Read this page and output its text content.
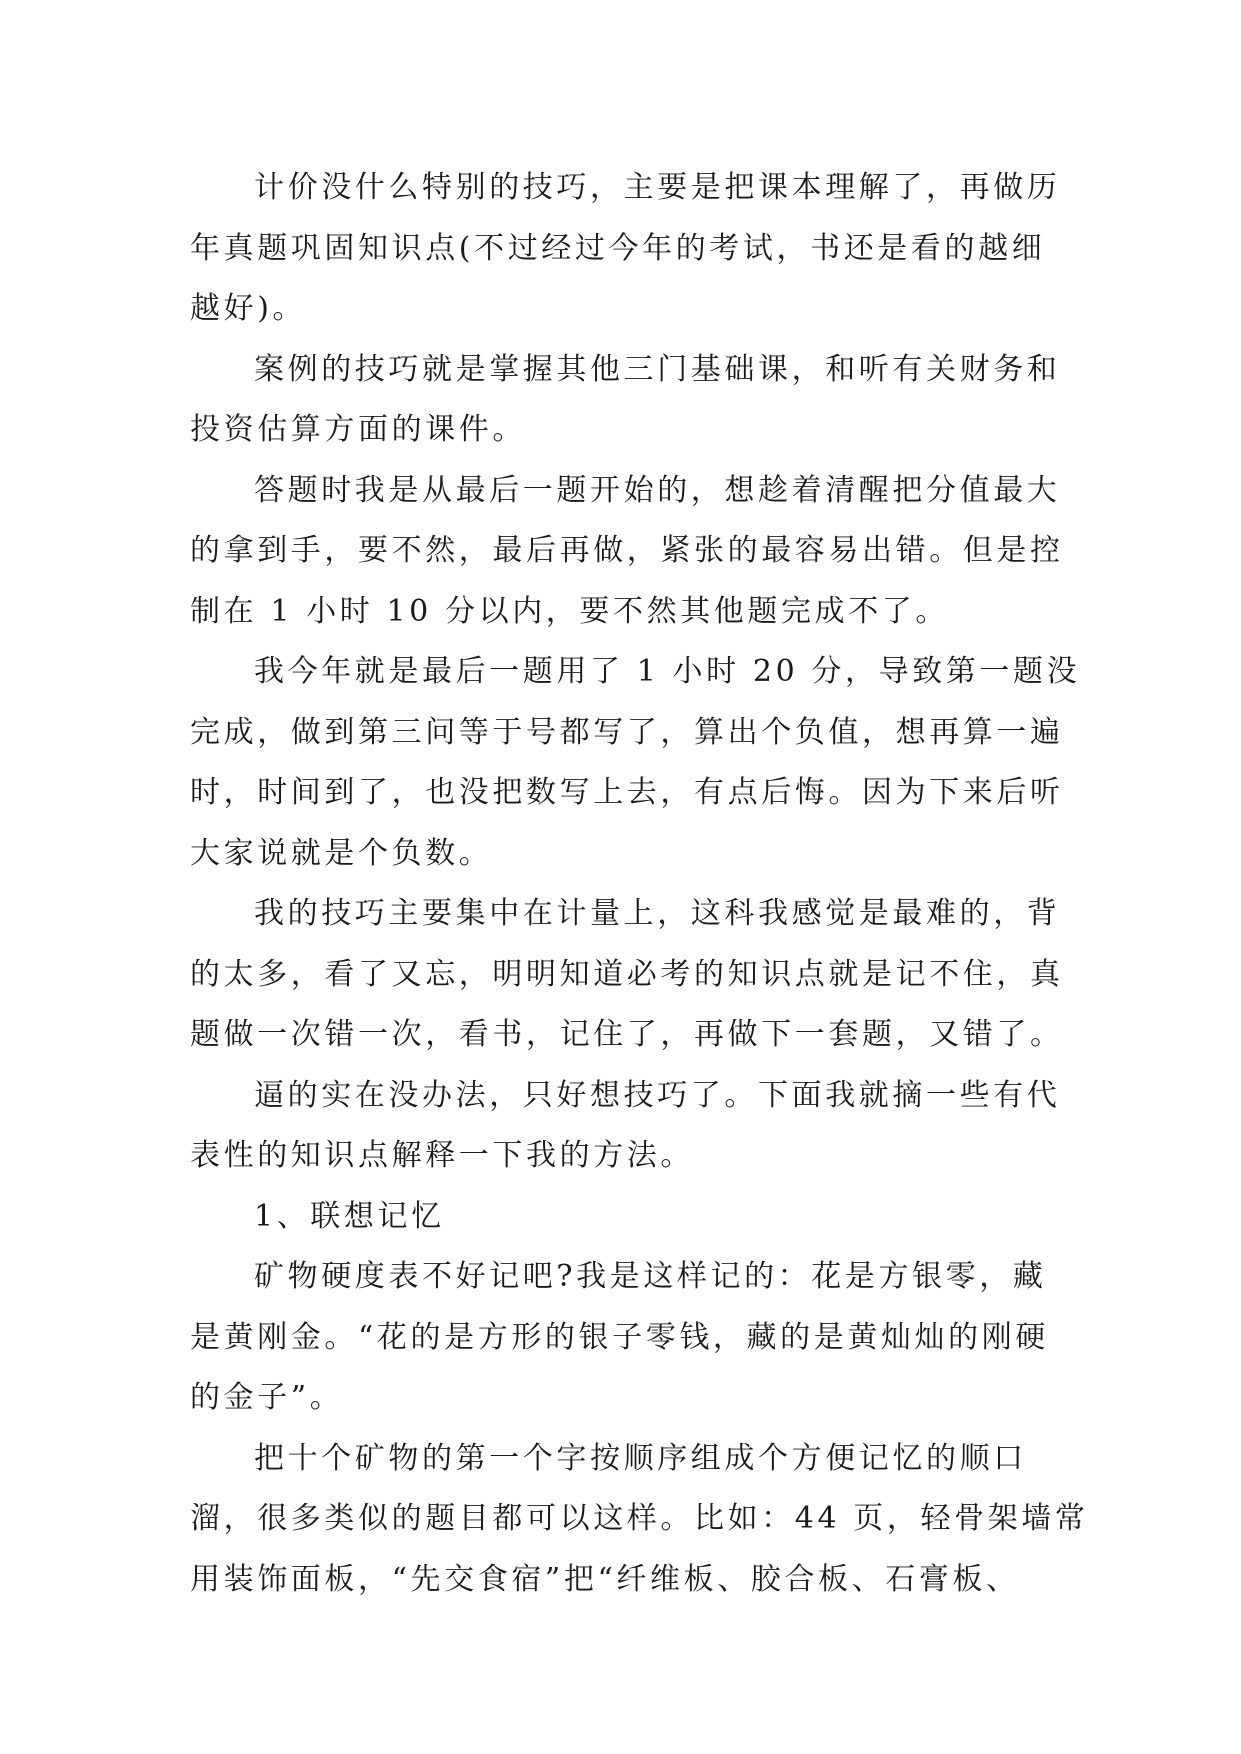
计价没什么特别的技巧，主要是把课本理解了，再做历
年真题巩固知识点(不过经过今年的考试，书还是看的越细
越好)。

案例的技巧就是掌握其他三门基础课，和听有关财务和
投资估算方面的课件。

答题时我是从最后一题开始的，想趁着清醒把分值最大
的拿到手，要不然，最后再做，紧张的最容易出错。但是控
制在 1 小时 10 分以内，要不然其他题完成不了。

我今年就是最后一题用了 1 小时 20 分，导致第一题没
完成，做到第三问等于号都写了，算出个负值，想再算一遍
时，时间到了，也没把数写上去，有点后悔。因为下来后听
大家说就是个负数。

我的技巧主要集中在计量上，这科我感觉是最难的，背
的太多，看了又忘，明明知道必考的知识点就是记不住，真
题做一次错一次，看书，记住了，再做下一套题，又错了。

逼的实在没办法，只好想技巧了。下面我就摘一些有代
表性的知识点解释一下我的方法。

1、联想记忆

矿物硬度表不好记吧?我是这样记的：花是方银零，藏
是黄刚金。“花的是方形的银子零钱，藏的是黄灿灿的刚硬
的金子”。

把十个矿物的第一个字按顺序组成个方便记忆的顺口
溜，很多类似的题目都可以这样。比如：44 页，轻骨架墙常
用装饰面板，“先交食宿”把“纤维板、胶合板、石膏板、
